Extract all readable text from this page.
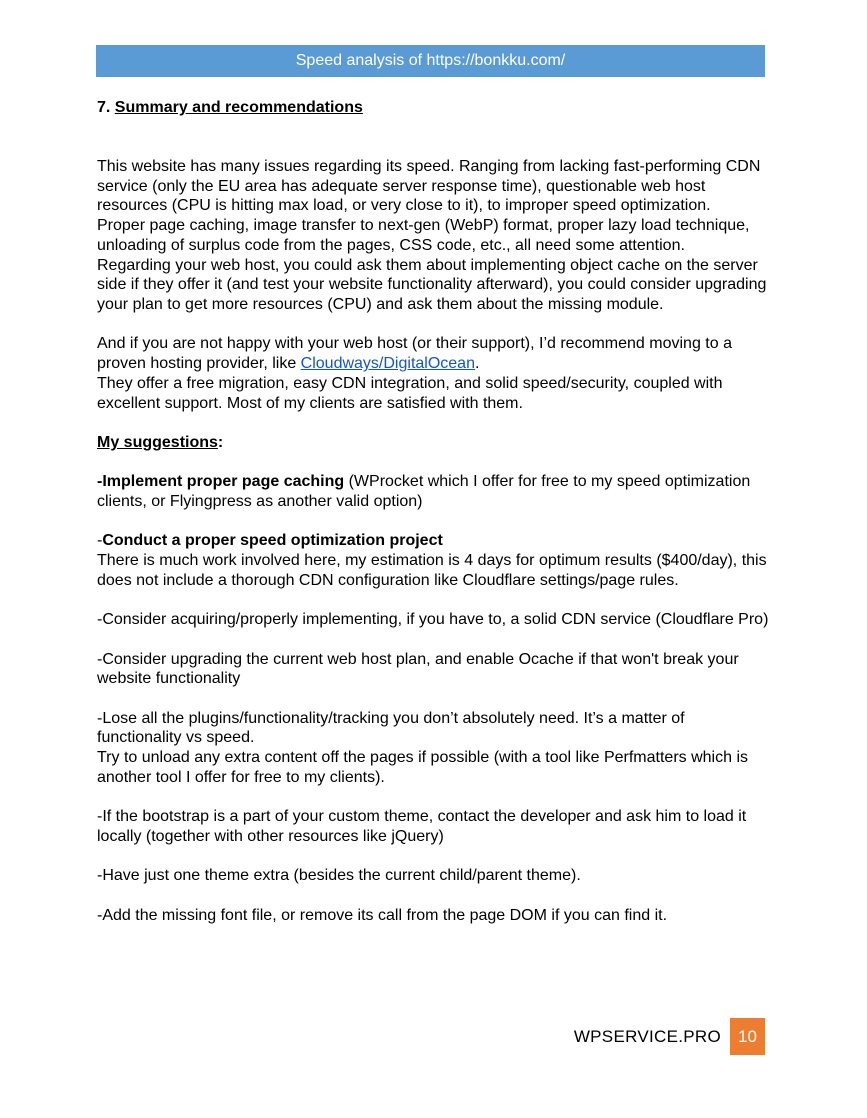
Speed analysis of https://bonkku.com/

7. Summary and recommendations

This website has many issues regarding its speed. Ranging from lacking fast-performing CDN service (only the EU area has adequate server response time), questionable web host resources (CPU is hitting max load, or very close to it), to improper speed optimization.

Proper page caching, image transfer to next-gen (WebP) format, proper lazy load technique, unloading of surplus code from the pages, CSS code, etc., all need some attention.

Regarding your web host, you could ask them about implementing object cache on the server side if they offer it (and test your website functionality afterward), you could consider upgrading your plan to get more resources (CPU) and ask them about the missing module.

And if you are not happy with your web host (or their support), I’d recommend moving to a proven hosting provider, like Cloudways/DigitalOcean.

They offer a free migration, easy CDN integration, and solid speed/security, coupled with excellent support. Most of my clients are satisfied with them.

My suggestions:

-Implement proper page caching (WProcket which I offer for free to my speed optimization clients, or Flyingpress as another valid option)

-Conduct a proper speed optimization project

There is much work involved here, my estimation is 4 days for optimum results ($400/day), this does not include a thorough CDN configuration like Cloudflare settings/page rules.

-Consider acquiring/properly implementing, if you have to, a solid CDN service (Cloudflare Pro)

-Consider upgrading the current web host plan, and enable Ocache if that won't break your website functionality

-Lose all the plugins/functionality/tracking you don’t absolutely need. It’s a matter of functionality vs speed.

Try to unload any extra content off the pages if possible (with a tool like Perfmatters which is another tool I offer for free to my clients).

-If the bootstrap is a part of your custom theme, contact the developer and ask him to load it locally (together with other resources like jQuery)

-Have just one theme extra (besides the current child/parent theme).

-Add the missing font file, or remove its call from the page DOM if you can find it.

WPSERVICE.PRO	10
